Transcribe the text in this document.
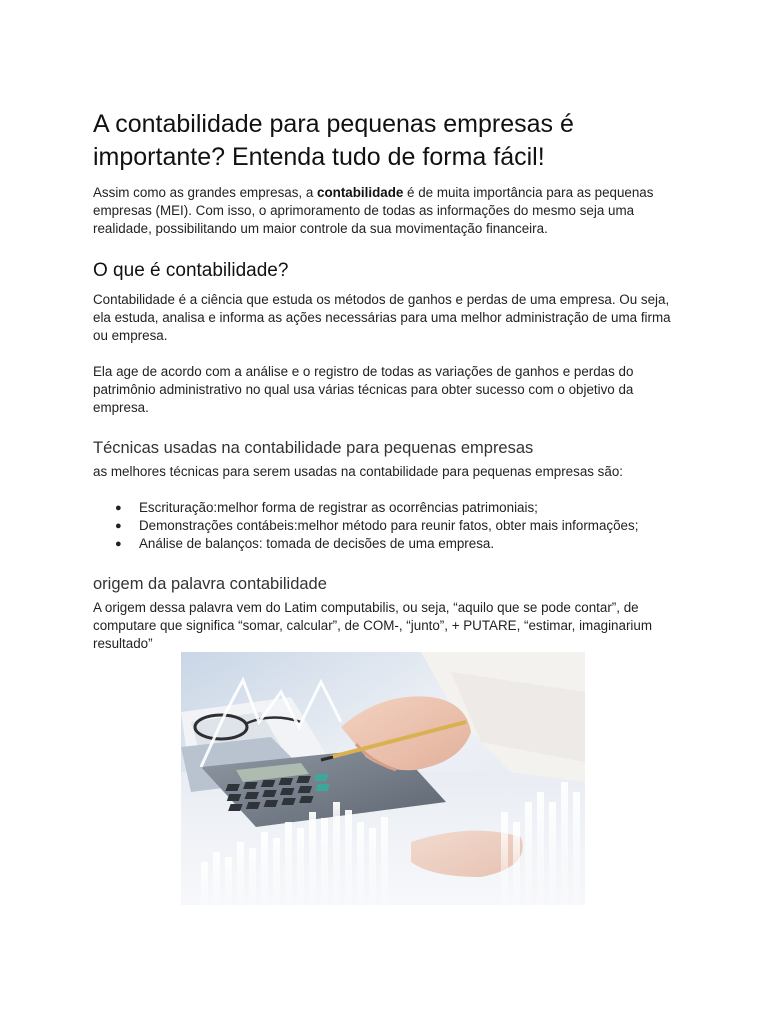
A contabilidade para pequenas empresas é importante? Entenda tudo de forma fácil!

Assim como as grandes empresas, a contabilidade é de muita importância para as pequenas empresas (MEI). Com isso, o aprimoramento de todas as informações do mesmo seja uma realidade, possibilitando um maior controle da sua movimentação financeira.

O que é contabilidade?

Contabilidade é a ciência que estuda os métodos de ganhos e perdas de uma empresa. Ou seja, ela estuda, analisa e informa as ações necessárias para uma melhor administração de uma firma ou empresa.

Ela age de acordo com a análise e o registro de todas as variações de ganhos e perdas do patrimônio administrativo no qual usa várias técnicas para obter sucesso com o objetivo da empresa.

Técnicas usadas na contabilidade para pequenas empresas

as melhores técnicas para serem usadas na contabilidade para pequenas empresas são:

● Escrituração:melhor forma de registrar as ocorrências patrimoniais;
● Demonstrações contábeis:melhor método para reunir fatos, obter mais informações;
● Análise de balanços: tomada de decisões de uma empresa.
origem da palavra contabilidade

A origem dessa palavra vem do Latim computabilis, ou seja, “aquilo que se pode contar”, de computare que significa “somar, calcular”, de COM-, “junto”, + PUTARE, “estimar, imaginarium resultado”
